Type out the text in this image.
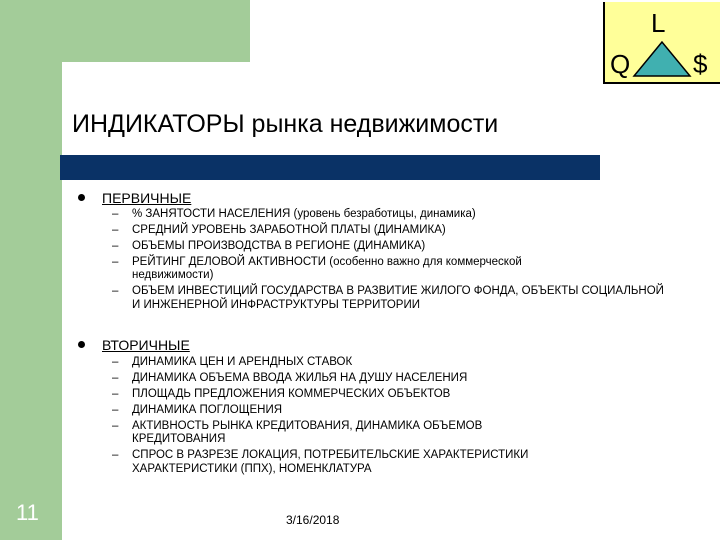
L
Q $
ИНДИКАТОРЫ рынка недвижимости
ПЕРВИЧНЫЕ
– % ЗАНЯТОСТИ НАСЕЛЕНИЯ (уровень безработицы, динамика)
– СРЕДНИЙ УРОВЕНЬ ЗАРАБОТНОЙ ПЛАТЫ (ДИНАМИКА)
– ОБЪЕМЫ ПРОИЗВОДСТВА В РЕГИОНЕ (ДИНАМИКА)
– РЕЙТИНГ ДЕЛОВОЙ АКТИВНОСТИ (особенно важно для коммерческой недвижимости)
– ОБЪЕМ ИНВЕСТИЦИЙ ГОСУДАРСТВА В РАЗВИТИЕ ЖИЛОГО ФОНДА, ОБЪЕКТЫ СОЦИАЛЬНОЙ И ИНЖЕНЕРНОЙ ИНФРАСТРУКТУРЫ ТЕРРИТОРИИ
ВТОРИЧНЫЕ
– ДИНАМИКА ЦЕН И АРЕНДНЫХ СТАВОК
– ДИНАМИКА ОБЪЕМА ВВОДА ЖИЛЬЯ НА ДУШУ НАСЕЛЕНИЯ
– ПЛОЩАДЬ ПРЕДЛОЖЕНИЯ КОММЕРЧЕСКИХ ОБЪЕКТОВ
– ДИНАМИКА ПОГЛОЩЕНИЯ
– АКТИВНОСТЬ РЫНКА КРЕДИТОВАНИЯ, ДИНАМИКА ОБЪЕМОВ КРЕДИТОВАНИЯ
– СПРОС В РАЗРЕЗЕ ЛОКАЦИЯ, ПОТРЕБИТЕЛЬСКИЕ ХАРАКТЕРИСТИКИ ХАРАКТЕРИСТИКИ (ППХ), НОМЕНКЛАТУРА
11	3/16/2018
